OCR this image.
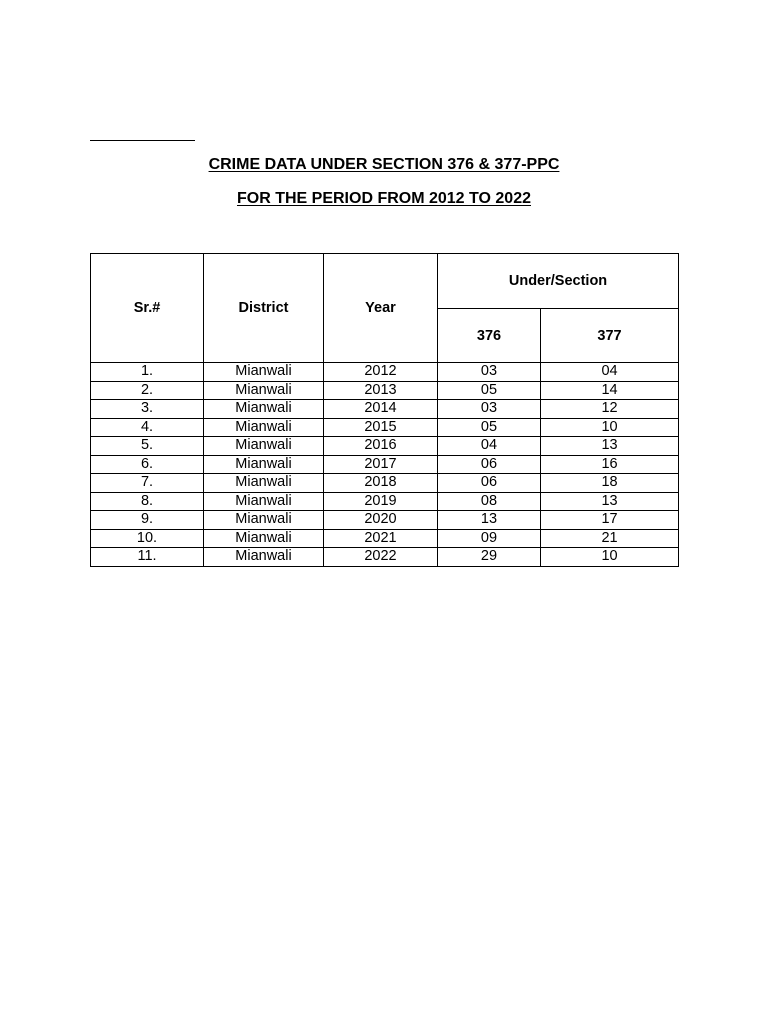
CRIME DATA UNDER SECTION 376 & 377-PPC
FOR THE PERIOD FROM 2012 TO 2022
Sr.#	District	Year	Under/Section	
			376	377
1.	Mianwali	2012	03	04
2.	Mianwali	2013	05	14
3.	Mianwali	2014	03	12
4.	Mianwali	2015	05	10
5.	Mianwali	2016	04	13
6.	Mianwali	2017	06	16
7.	Mianwali	2018	06	18
8.	Mianwali	2019	08	13
9.	Mianwali	2020	13	17
10.	Mianwali	2021	09	21
11.	Mianwali	2022	29	10
